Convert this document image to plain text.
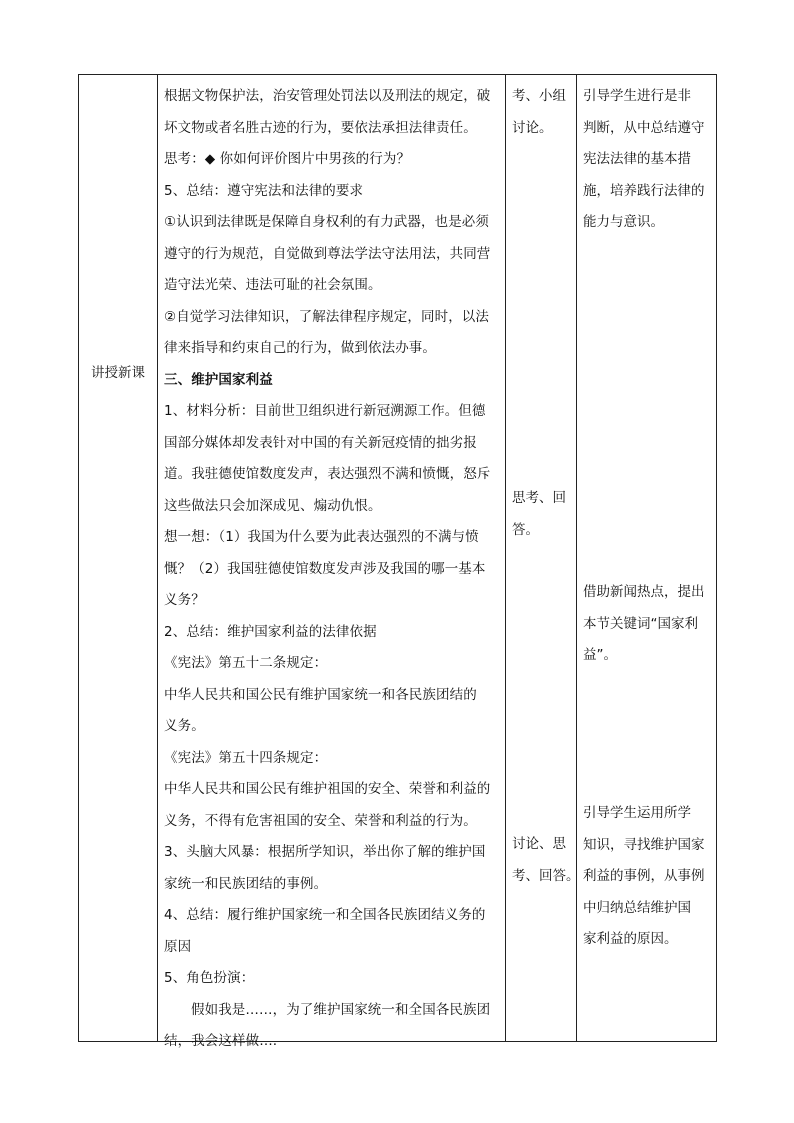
讲授新课
根据文物保护法，治安管理处罚法以及刑法的规定，破
坏文物或者名胜古迹的行为，要依法承担法律责任。
思考：◆ 你如何评价图片中男孩的行为？
5、总结：遵守宪法和法律的要求
①认识到法律既是保障自身权利的有力武器，也是必须
遵守的行为规范，自觉做到尊法学法守法用法，共同营
造守法光荣、违法可耻的社会氛围。
②自觉学习法律知识，了解法律程序规定，同时，以法
律来指导和约束自己的行为，做到依法办事。
三、维护国家利益
1、材料分析：目前世卫组织进行新冠溯源工作。但德
国部分媒体却发表针对中国的有关新冠疫情的拙劣报
道。我驻德使馆数度发声，表达强烈不满和愤慨，怒斥
这些做法只会加深成见、煽动仇恨。
想一想：（1）我国为什么要为此表达强烈的不满与愤
慨？（2）我国驻德使馆数度发声涉及我国的哪一基本
义务？
2、总结：维护国家利益的法律依据
《宪法》第五十二条规定：
中华人民共和国公民有维护国家统一和各民族团结的
义务。
《宪法》第五十四条规定：
中华人民共和国公民有维护祖国的安全、荣誉和利益的
义务，不得有危害祖国的安全、荣誉和利益的行为。
3、头脑大风暴：根据所学知识，举出你了解的维护国
家统一和民族团结的事例。
4、总结：履行维护国家统一和全国各民族团结义务的
原因
5、角色扮演：
假如我是……，为了维护国家统一和全国各民族团
结，我会这样做….
考、小组
讨论。
思考、回
答。
讨论、思
考、回答。
引导学生进行是非
判断，从中总结遵守
宪法法律的基本措
施，培养践行法律的
能力与意识。
借助新闻热点，提出
本节关键词“国家利
益”。
引导学生运用所学
知识，寻找维护国家
利益的事例，从事例
中归纳总结维护国
家利益的原因。
